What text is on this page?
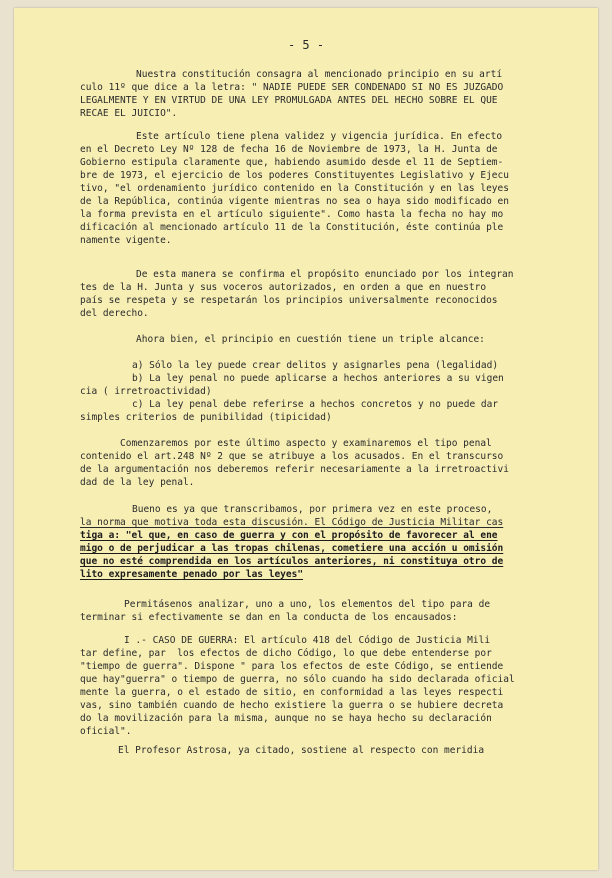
- 5 -
Nuestra constitución consagra al mencionado principio en su artí
culo 11º que dice a la letra: " NADIE PUEDE SER CONDENADO SI NO ES JUZGADO
LEGALMENTE Y EN VIRTUD DE UNA LEY PROMULGADA ANTES DEL HECHO SOBRE EL QUE
RECAE EL JUICIO".
Este artículo tiene plena validez y vigencia jurídica. En efecto
en el Decreto Ley Nº 128 de fecha 16 de Noviembre de 1973, la H. Junta de
Gobierno estipula claramente que, habiendo asumido desde el 11 de Septiem-
bre de 1973, el ejercicio de los poderes Constituyentes Legislativo y Ejecu
tivo, "el ordenamiento jurídico contenido en la Constitución y en las leyes
de la República, continúa vigente mientras no sea o haya sido modificado en
la forma prevista en el artículo siguiente". Como hasta la fecha no hay mo
dificación al mencionado artículo 11 de la Constitución, éste continúa ple
namente vigente.
De esta manera se confirma el propósito enunciado por los integran
tes de la H. Junta y sus voceros autorizados, en orden a que en nuestro
país se respeta y se respetarán los principios universalmente reconocidos
del derecho.
Ahora bien, el principio en cuestión tiene un triple alcance:
a) Sólo la ley puede crear delitos y asignarles pena (legalidad)
b) La ley penal no puede aplicarse a hechos anteriores a su vigen
cia ( irretroactividad)
c) La ley penal debe referirse a hechos concretos y no puede dar
simples criterios de punibilidad (tipicidad)
Comenzaremos por este último aspecto y examinaremos el tipo penal
contenido el art.248 Nº 2 que se atribuye a los acusados. En el transcurso
de la argumentación nos deberemos referir necesariamente a la irretroactivi
dad de la ley penal.
Bueno es ya que transcribamos, por primera vez en este proceso,
la norma que motiva toda esta discusión. El Código de Justicia Militar cas
tiga a: "el que, en caso de guerra y con el propósito de favorecer al ene
migo o de perjudicar a las tropas chilenas, cometiere una acción u omisión
que no esté comprendida en los artículos anteriores, ni constituya otro de
lito expresamente penado por las leyes"
Permitásenos analizar, uno a uno, los elementos del tipo para de
terminar si efectivamente se dan en la conducta de los encausados:
I .- CASO DE GUERRA: El artículo 418 del Código de Justicia Mili
tar define, par  los efectos de dicho Código, lo que debe entenderse por
"tiempo de guerra". Dispone " para los efectos de este Código, se entiende
que hay"guerra" o tiempo de guerra, no sólo cuando ha sido declarada oficial
mente la guerra, o el estado de sitio, en conformidad a las leyes respecti
vas, sino también cuando de hecho existiere la guerra o se hubiere decreta
do la movilización para la misma, aunque no se haya hecho su declaración
oficial".
El Profesor Astrosa, ya citado, sostiene al respecto con meridia
